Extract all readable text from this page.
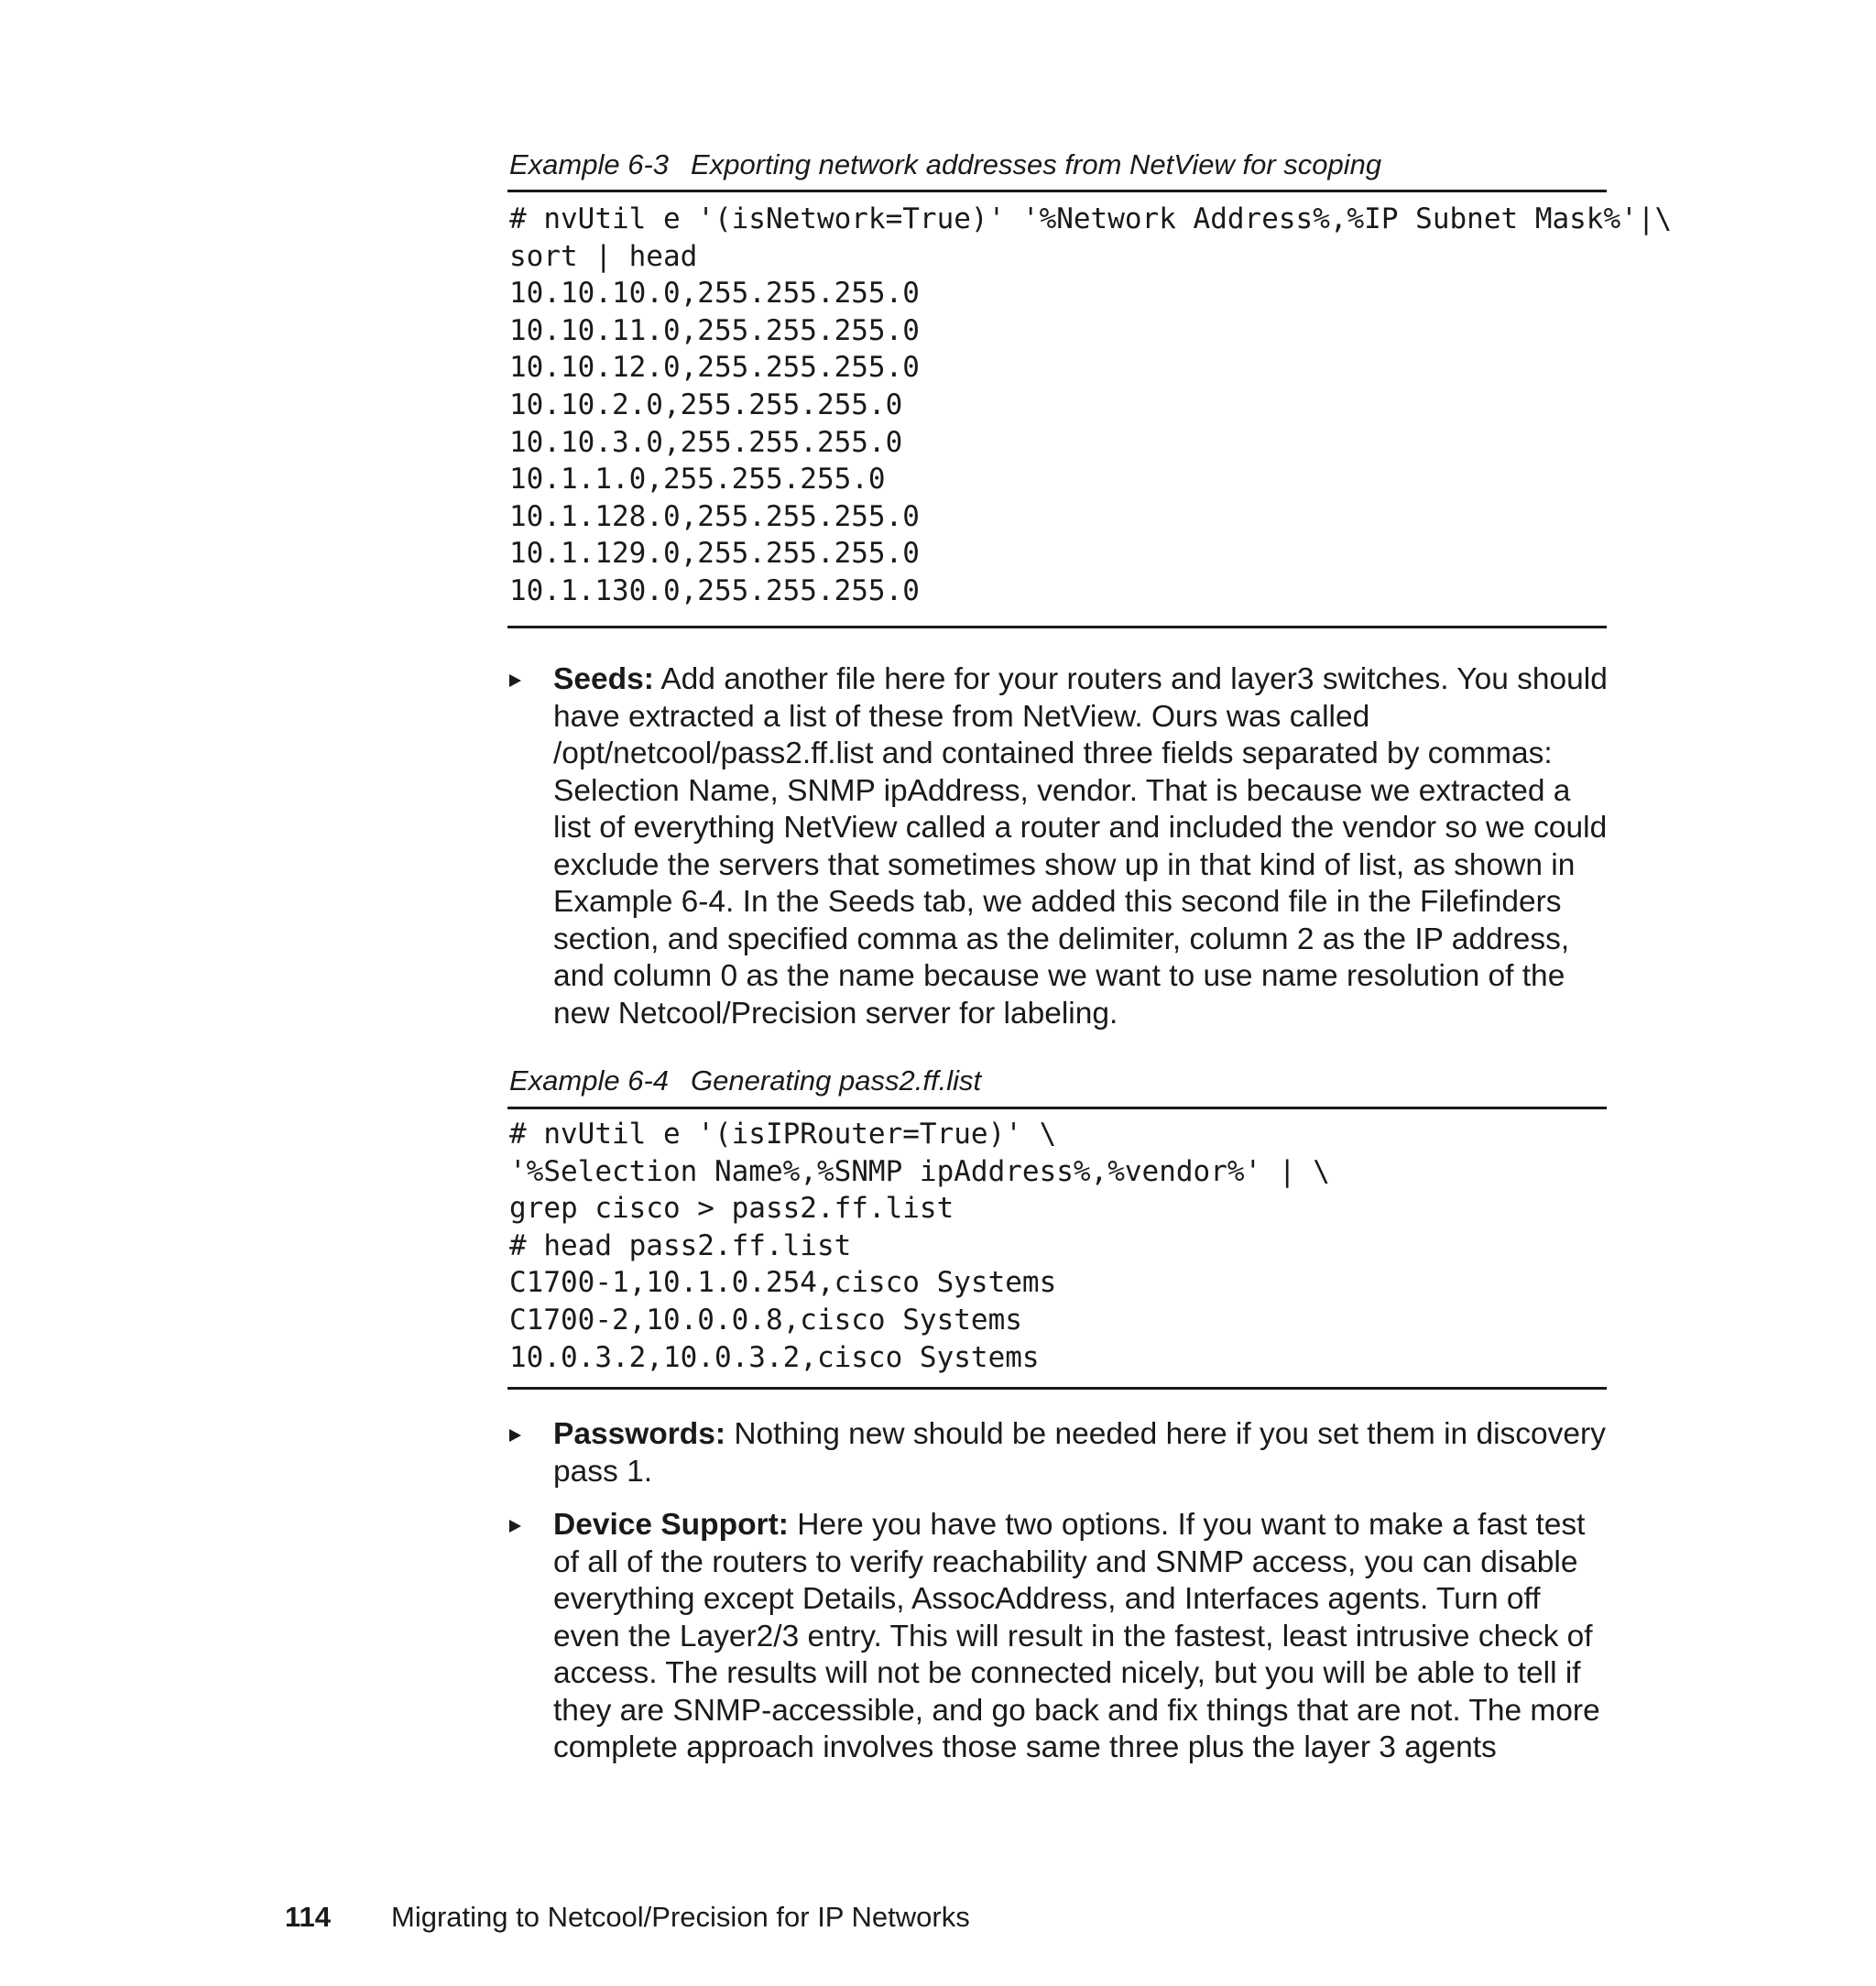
Example 6-3 Exporting network addresses from NetView for scoping
# nvUtil e '(isNetwork=True)' '%Network Address%,%IP Subnet Mask%'|\
sort | head
10.10.10.0,255.255.255.0
10.10.11.0,255.255.255.0
10.10.12.0,255.255.255.0
10.10.2.0,255.255.255.0
10.10.3.0,255.255.255.0
10.1.1.0,255.255.255.0
10.1.128.0,255.255.255.0
10.1.129.0,255.255.255.0
10.1.130.0,255.255.255.0
Seeds: Add another file here for your routers and layer3 switches. You should have extracted a list of these from NetView. Ours was called /opt/netcool/pass2.ff.list and contained three fields separated by commas: Selection Name, SNMP ipAddress, vendor. That is because we extracted a list of everything NetView called a router and included the vendor so we could exclude the servers that sometimes show up in that kind of list, as shown in Example 6-4. In the Seeds tab, we added this second file in the Filefinders section, and specified comma as the delimiter, column 2 as the IP address, and column 0 as the name because we want to use name resolution of the new Netcool/Precision server for labeling.
Example 6-4 Generating pass2.ff.list
# nvUtil e '(isIPRouter=True)' \
'%Selection Name%,%SNMP ipAddress%,%vendor%' | \
grep cisco > pass2.ff.list
# head pass2.ff.list
C1700-1,10.1.0.254,cisco Systems
C1700-2,10.0.0.8,cisco Systems
10.0.3.2,10.0.3.2,cisco Systems
Passwords: Nothing new should be needed here if you set them in discovery pass 1.
Device Support: Here you have two options. If you want to make a fast test of all of the routers to verify reachability and SNMP access, you can disable everything except Details, AssocAddress, and Interfaces agents. Turn off even the Layer2/3 entry. This will result in the fastest, least intrusive check of access. The results will not be connected nicely, but you will be able to tell if they are SNMP-accessible, and go back and fix things that are not. The more complete approach involves those same three plus the layer 3 agents
114 Migrating to Netcool/Precision for IP Networks
